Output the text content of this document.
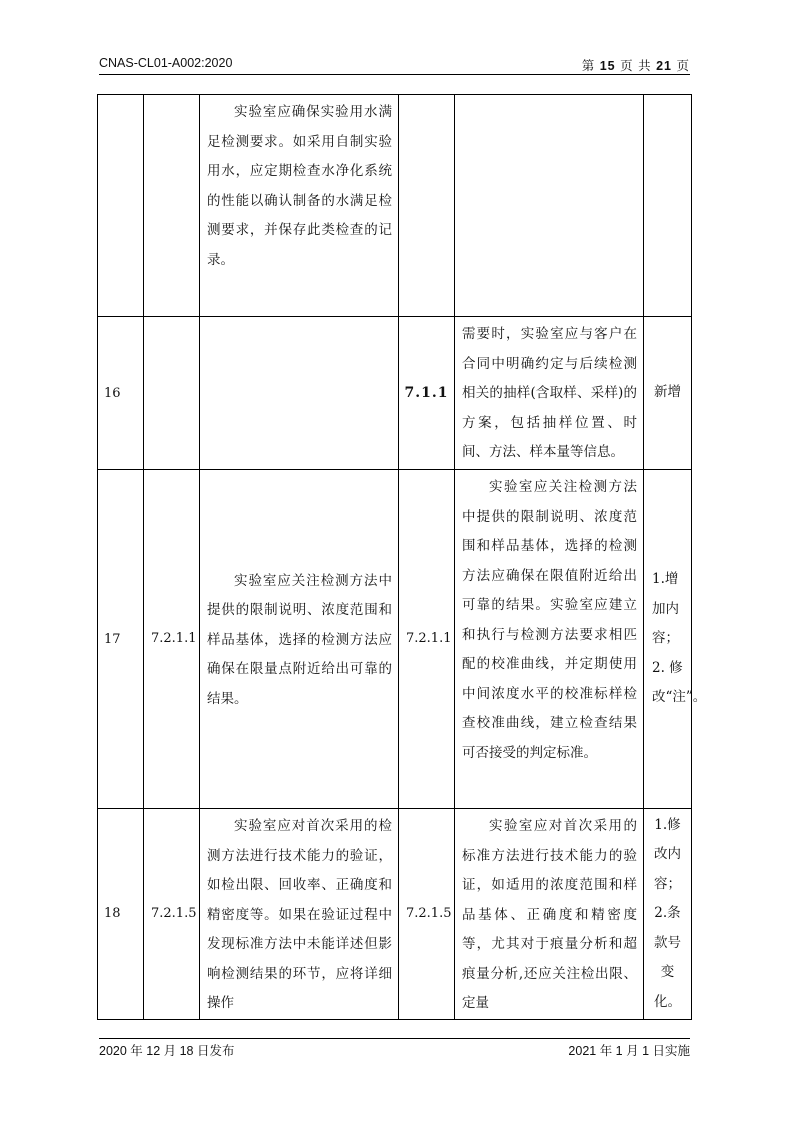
CNAS-CL01-A002:2020	第 15 页 共 21 页
		实验室应确保实验用水满足检测要求。如采用自制实验用水，应定期检查水净化系统的性能以确认制备的水满足检测要求，并保存此类检查的记录。			
16			7.1.1	需要时，实验室应与客户在合同中明确约定与后续检测相关的抽样(含取样、采样)的方案，包括抽样位置、时间、方法、样本量等信息。	新增
17	7.2.1.1	实验室应关注检测方法中提供的限制说明、浓度范围和样品基体，选择的检测方法应确保在限量点附近给出可靠的结果。	7.2.1.1	实验室应关注检测方法中提供的限制说明、浓度范围和样品基体，选择的检测方法应确保在限值附近给出可靠的结果。实验室应建立和执行与检测方法要求相匹配的校准曲线，并定期使用中间浓度水平的校准标样检查校准曲线，建立检查结果可否接受的判定标准。	1.增加内容；2. 修改“注”。
18	7.2.1.5	实验室应对首次采用的检测方法进行技术能力的验证，如检出限、回收率、正确度和精密度等。如果在验证过程中发现标准方法中未能详述但影响检测结果的环节，应将详细操作	7.2.1.5	实验室应对首次采用的标准方法进行技术能力的验证，如适用的浓度范围和样品基体、正确度和精密度等，尤其对于痕量分析和超痕量分析,还应关注检出限、定量	1.修改内容；2.条款号变化。
2020 年 12 月 18 日发布	2021 年 1 月 1 日实施
